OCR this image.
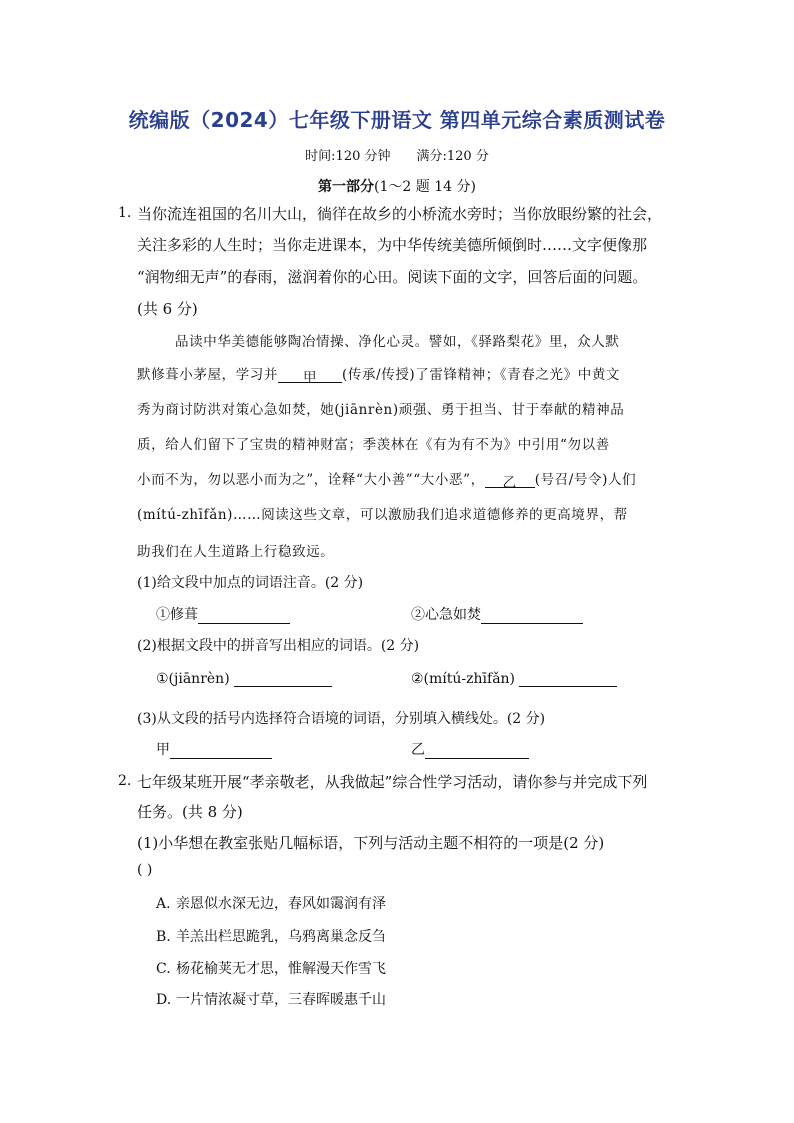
统编版（2024）七年级下册语文 第四单元综合素质测试卷
时间:120 分钟 满分:120 分
第一部分(1～2 题 14 分)
1. 当你流连祖国的名川大山，徜徉在故乡的小桥流水旁时；当你放眼纷繁的社会，
关注多彩的人生时；当你走进课本，为中华传统美德所倾倒时……文字便像那
“润物细无声”的春雨，滋润着你的心田。阅读下面的文字，回答后面的问题。
(共 6 分)
品读中华美德能够陶冶情操、净化心灵。譬如，《驿路梨花》里，众人默
默修葺小茅屋，学习并 甲 (传承/传授)了雷锋精神；《青春之光》中黄文
秀为商讨防洪对策心急如焚，她(jiānrèn)顽强、勇于担当、甘于奉献的精神品
质，给人们留下了宝贵的精神财富；季羡林在《有为有不为》中引用“勿以善
小而不为，勿以恶小而为之”，诠释“大小善”“大小恶”， 乙 (号召/号令)人们
(mítú-zhīfǎn)……阅读这些文章，可以激励我们追求道德修养的更高境界，帮
助我们在人生道路上行稳致远。
(1)给文段中加点的词语注音。(2 分)
①修葺	②心急如焚
(2)根据文段中的拼音写出相应的词语。(2 分)
①(jiānrèn)	②(mítú-zhīfǎn)
(3)从文段的括号内选择符合语境的词语，分别填入横线处。(2 分)
甲	乙
2. 七年级某班开展“孝亲敬老，从我做起”综合性学习活动，请你参与并完成下列
任务。(共 8 分)
(1)小华想在教室张贴几幅标语，下列与活动主题不相符的一项是(2 分)
( )
A. 亲恩似水深无边，春风如霭润有泽
B. 羊羔出栏思跪乳，乌鸦离巢念反刍
C. 杨花榆荚无才思，惟解漫天作雪飞
D. 一片情浓凝寸草，三春晖暖惠千山
